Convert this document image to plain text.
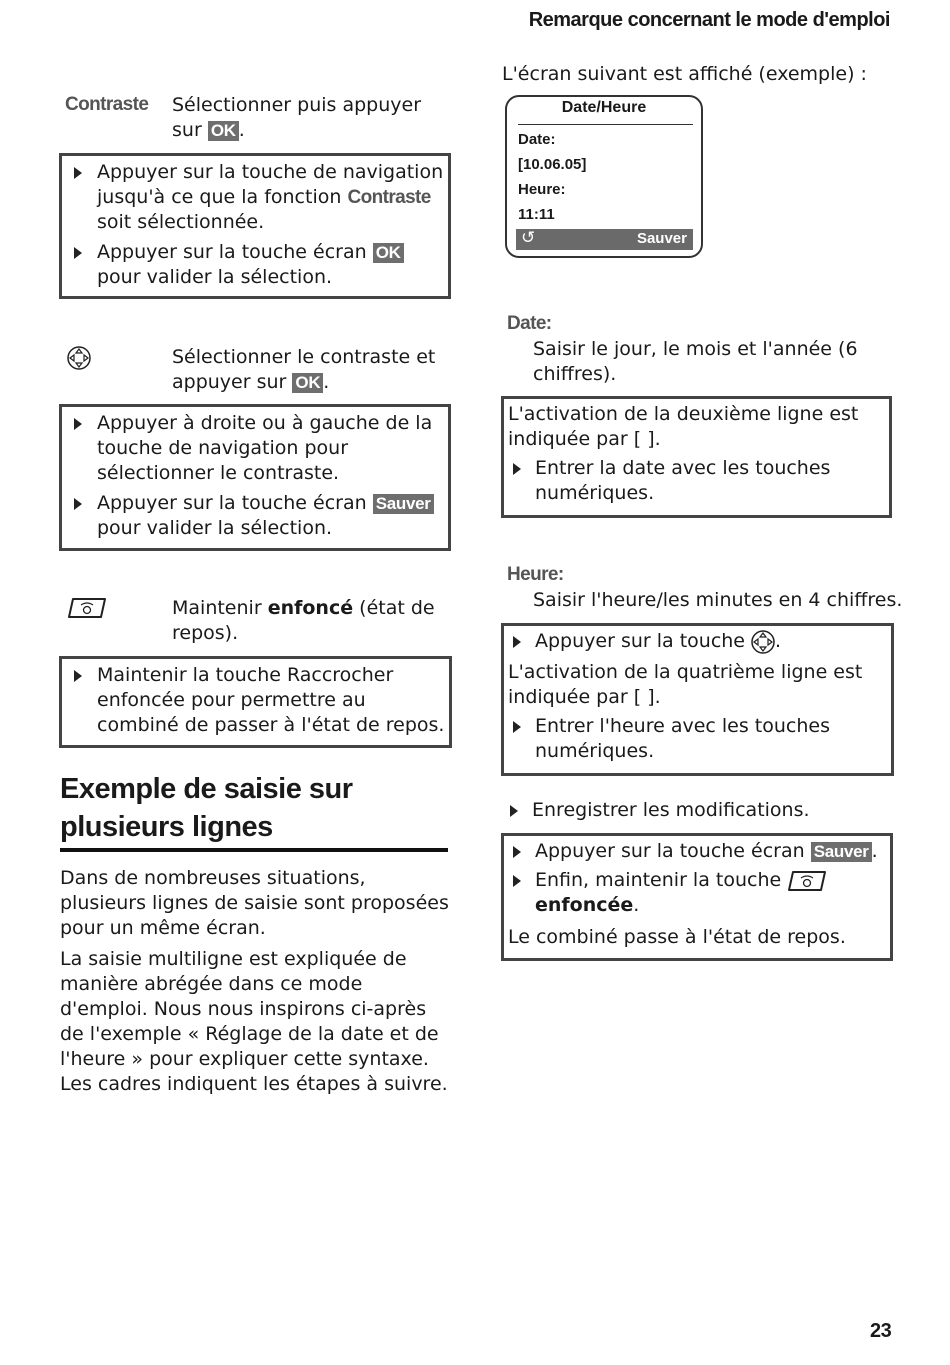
Remarque concernant le mode d'emploi
Contraste Sélectionner puis appuyer sur OK .
Appuyer sur la touche de navigation jusqu'à ce que la fonction Contraste soit sélectionnée.
Appuyer sur la touche écran OK pour valider la sélection.
Sélectionner le contraste et appuyer sur OK .
Appuyer à droite ou à gauche de la touche de navigation pour sélectionner le contraste.
Appuyer sur la touche écran Sauver pour valider la sélection.
Maintenir enfoncé (état de repos).
Maintenir la touche Raccrocher enfoncée pour permettre au combiné de passer à l'état de repos.
Exemple de saisie sur plusieurs lignes
Dans de nombreuses situations, plusieurs lignes de saisie sont proposées pour un même écran.
La saisie multiligne est expliquée de manière abrégée dans ce mode d'emploi. Nous nous inspirons ci-après de l'exemple « Réglage de la date et de l'heure » pour expliquer cette syntaxe. Les cadres indiquent les étapes à suivre.
L'écran suivant est affiché (exemple) :
Date/Heure
Date:
[10.06.05]
Heure:
11:11
↺	Sauver
Date:
Saisir le jour, le mois et l'année (6 chiffres).
L'activation de la deuxième ligne est indiquée par [ ].
Entrer la date avec les touches numériques.
Heure:
Saisir l'heure/les minutes en 4 chiffres.
Appuyer sur la touche .
L'activation de la quatrième ligne est indiquée par [ ].
Entrer l'heure avec les touches numériques.
Enregistrer les modifications.
Appuyer sur la touche écran Sauver .
Enfin, maintenir la touche  enfoncée.
Le combiné passe à l'état de repos.
23
